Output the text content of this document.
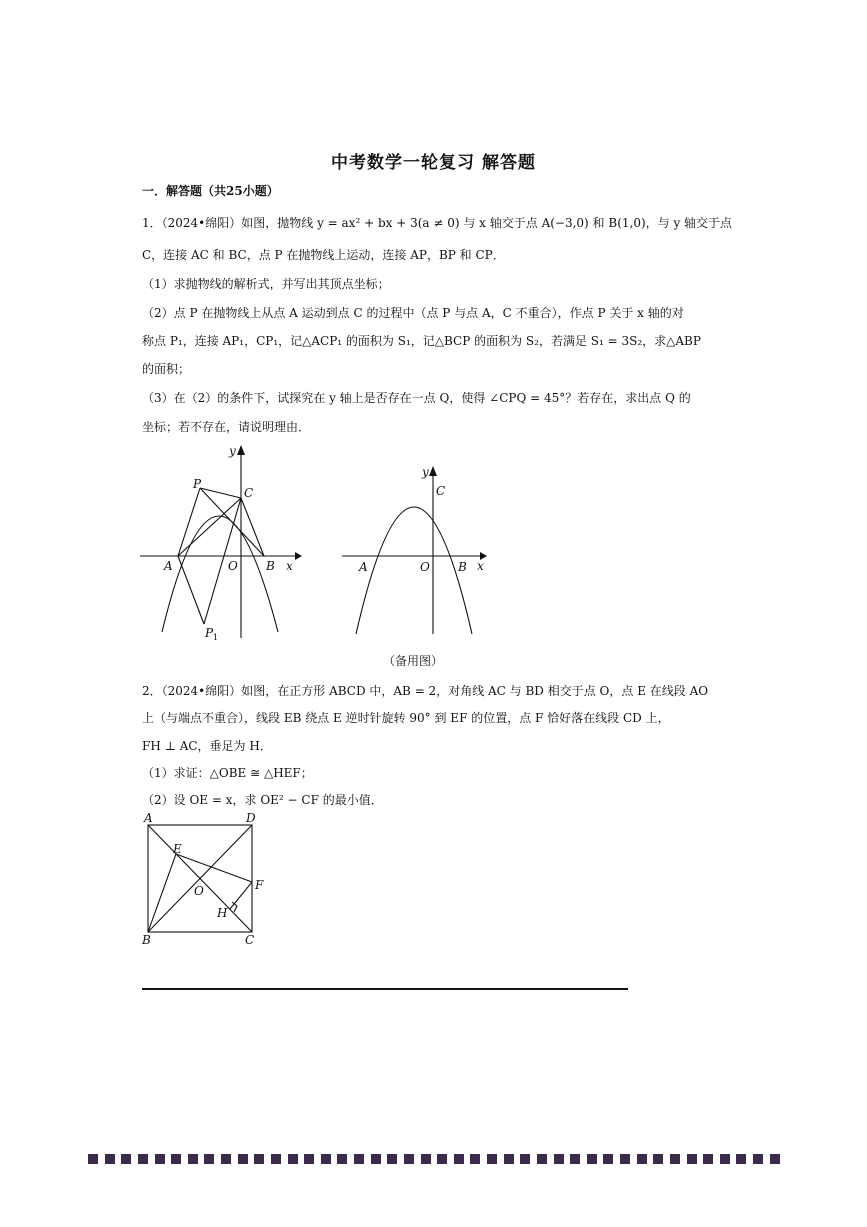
中考数学一轮复习 解答题
一．解答题（共25小题）
1．（2024•绵阳）如图，抛物线 y = ax² + bx + 3(a ≠ 0) 与 x 轴交于点 A(−3,0) 和 B(1,0)，与 y 轴交于点
C，连接 AC 和 BC，点 P 在抛物线上运动，连接 AP，BP 和 CP．
（1）求抛物线的解析式，并写出其顶点坐标；
（2）点 P 在抛物线上从点 A 运动到点 C 的过程中（点 P 与点 A，C 不重合），作点 P 关于 x 轴的对
称点 P₁，连接 AP₁，CP₁，记△ACP₁ 的面积为 S₁，记△BCP 的面积为 S₂，若满足 S₁ = 3S₂，求△ABP
的面积；
（3）在（2）的条件下，试探究在 y 轴上是否存在一点 Q，使得 ∠CPQ = 45°？若存在，求出点 Q 的
坐标；若不存在，请说明理由．
y
x
P
C
A	O B
P 1
y
x
C
A	O B
（备用图）
2．（2024•绵阳）如图，在正方形 ABCD 中，AB = 2，对角线 AC 与 BD 相交于点 O，点 E 在线段 AO
上（与端点不重合），线段 EB 绕点 E 逆时针旋转 90° 到 EF 的位置，点 F 恰好落在线段 CD 上，
FH ⊥ AC，垂足为 H．
（1）求证：△OBE ≅ △HEF；
（2）设 OE = x，求 OE² − CF 的最小值．
A	D
E
F
O
H
B	C
